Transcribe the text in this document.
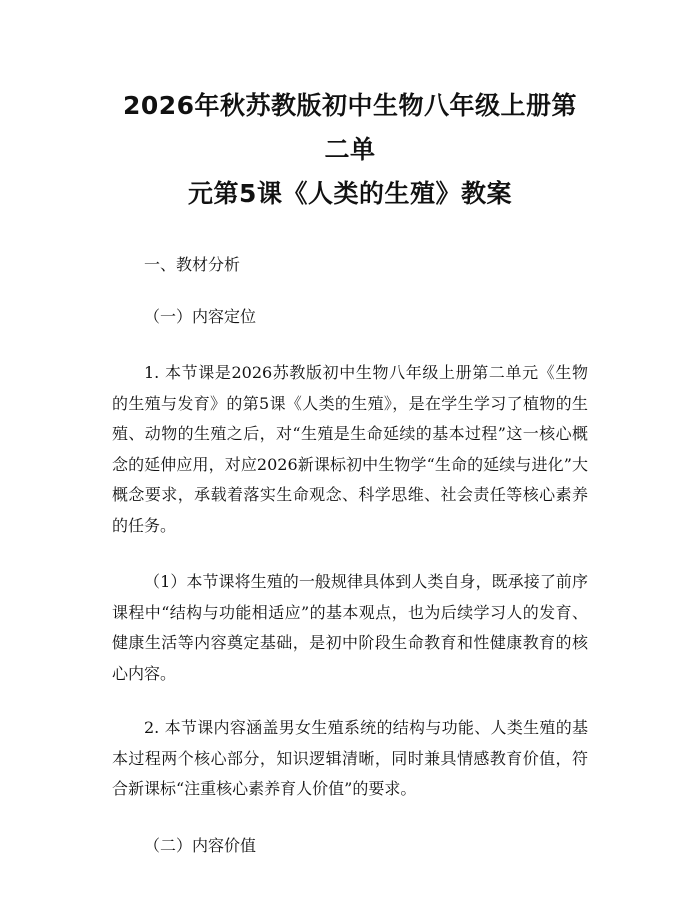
2026年秋苏教版初中生物八年级上册第二单
元第5课《人类的生殖》教案

一、教材分析

（一）内容定位

1. 本节课是2026苏教版初中生物八年级上册第二单元《生物的生殖与发育》的第5课《人类的生殖》，是在学生学习了植物的生殖、动物的生殖之后，对“生殖是生命延续的基本过程”这一核心概念的延伸应用，对应2026新课标初中生物学“生命的延续与进化”大概念要求，承载着落实生命观念、科学思维、社会责任等核心素养的任务。

（1）本节课将生殖的一般规律具体到人类自身，既承接了前序课程中“结构与功能相适应”的基本观点，也为后续学习人的发育、健康生活等内容奠定基础，是初中阶段生命教育和性健康教育的核心内容。

2. 本节课内容涵盖男女生殖系统的结构与功能、人类生殖的基本过程两个核心部分，知识逻辑清晰，同时兼具情感教育价值，符合新课标“注重核心素养育人价值”的要求。

（二）内容价值
